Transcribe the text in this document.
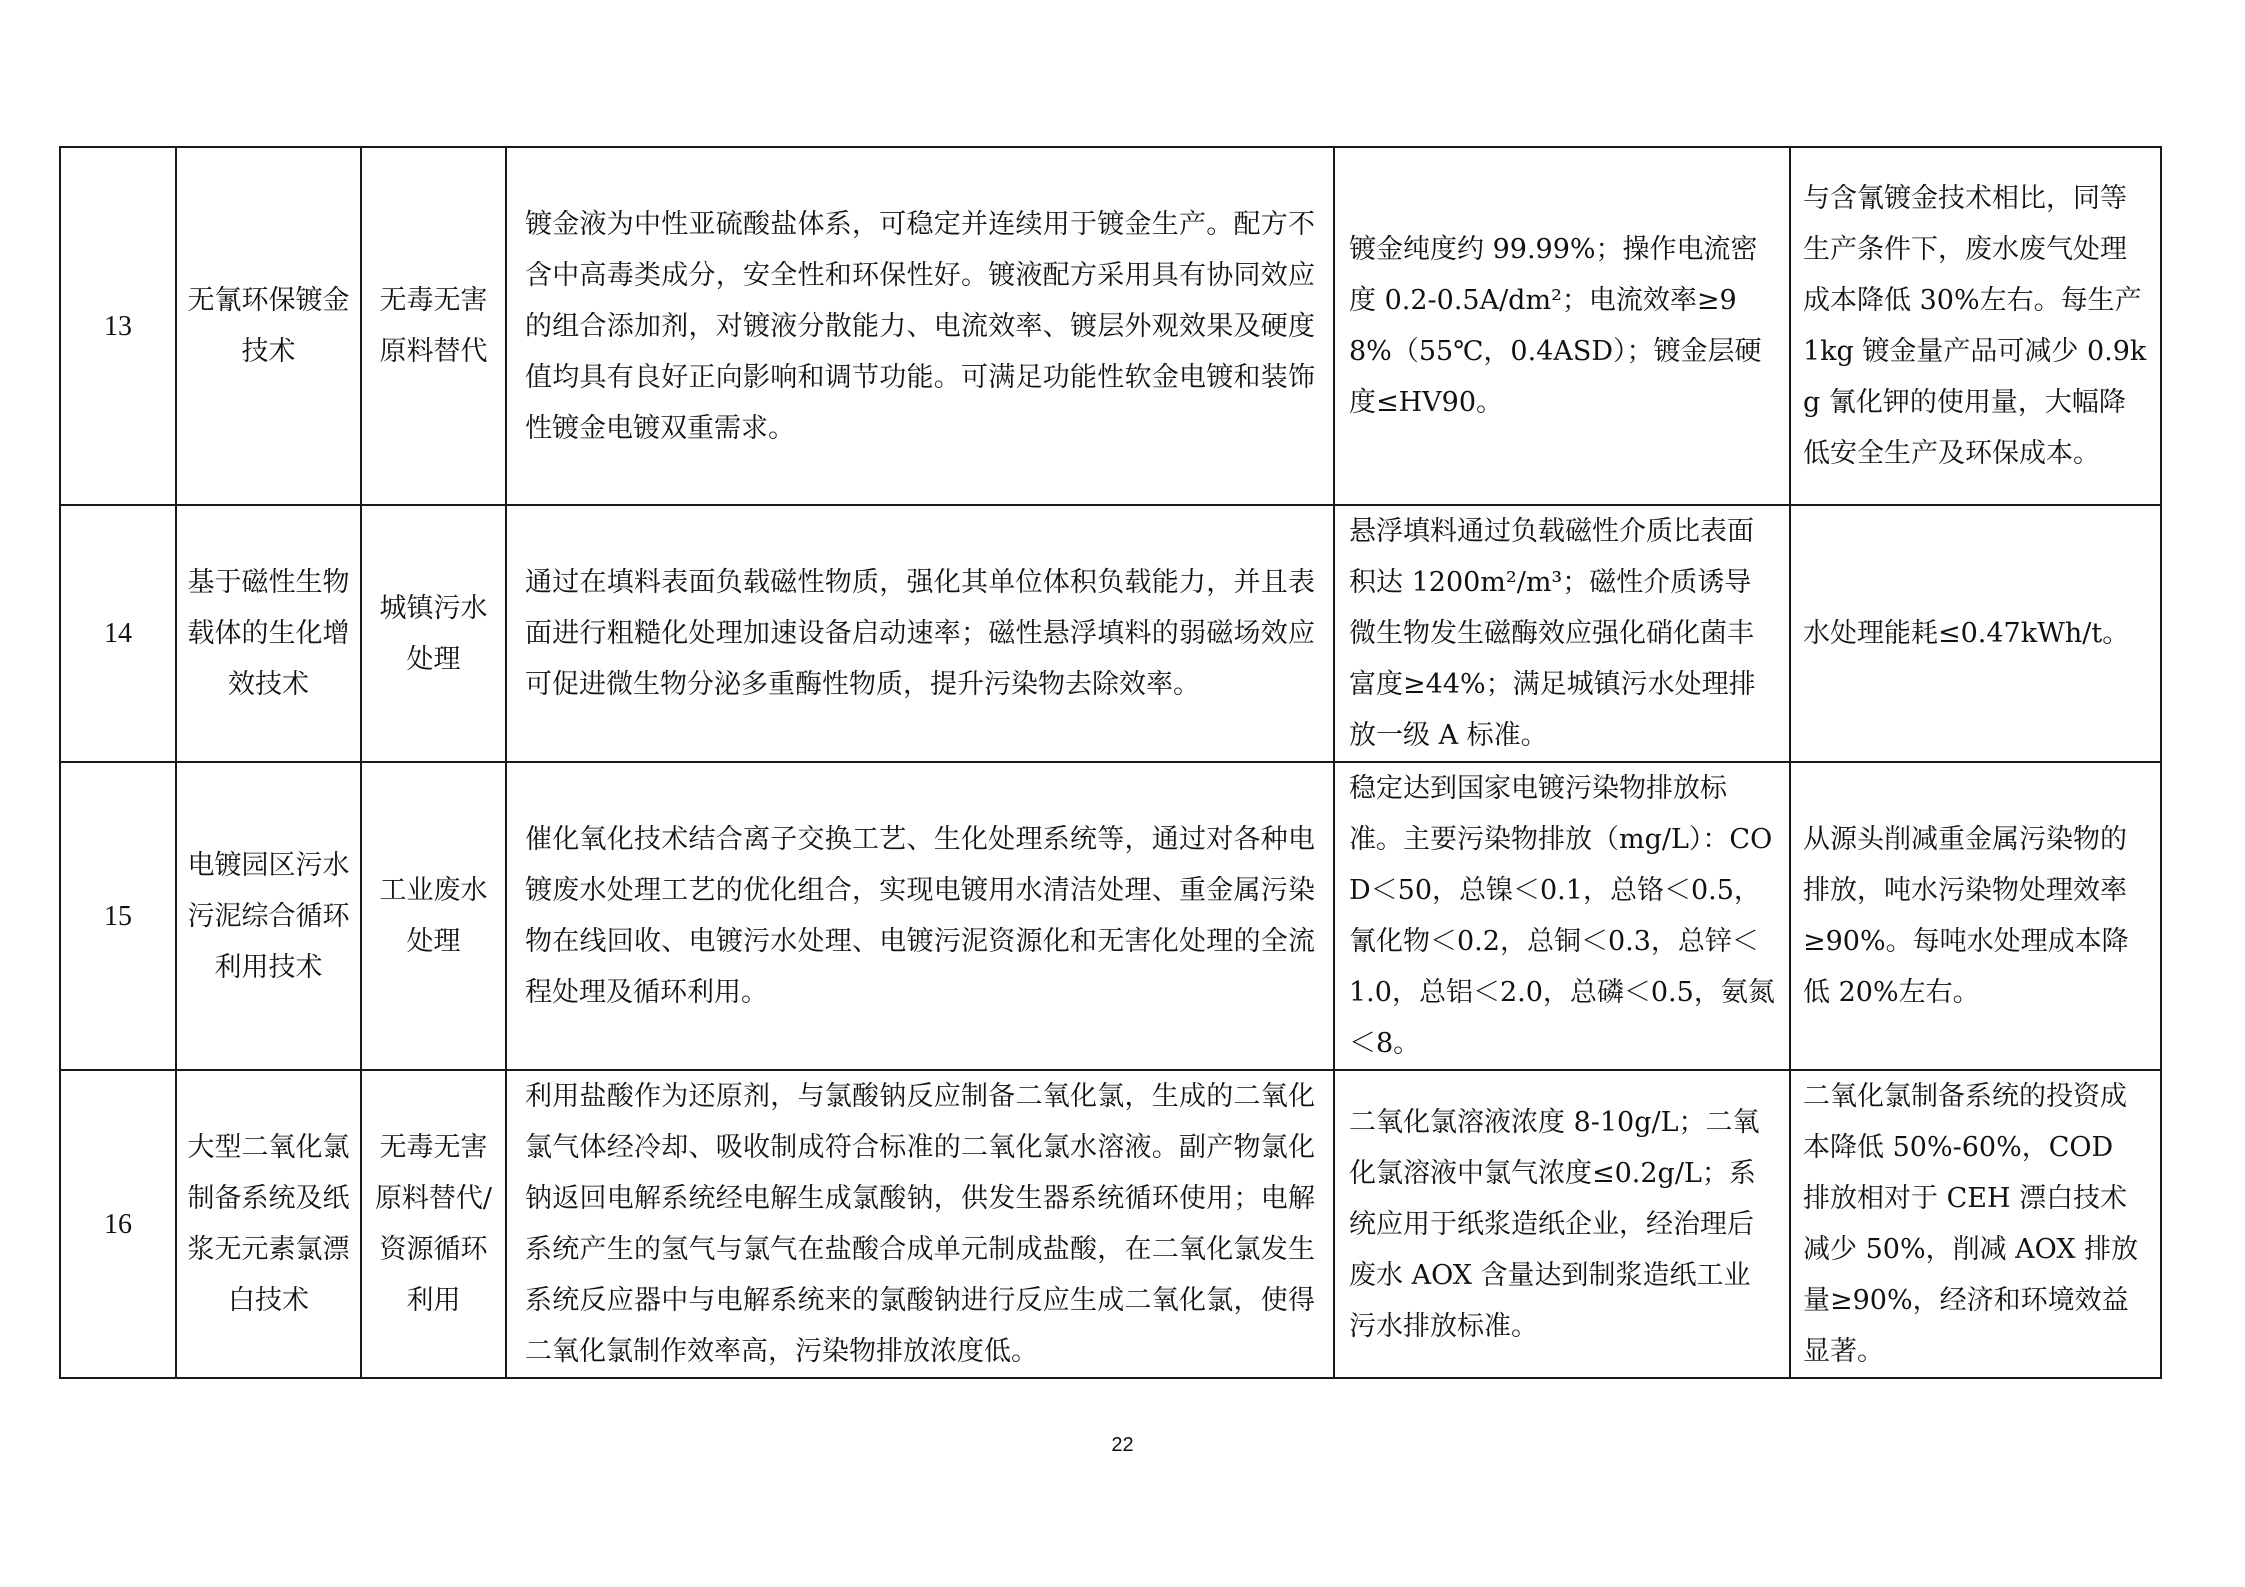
13	无氰环保镀金技术	无毒无害原料替代	镀金液为中性亚硫酸盐体系，可稳定并连续用于镀金生产。配方不含中高毒类成分，安全性和环保性好。镀液配方采用具有协同效应的组合添加剂，对镀液分散能力、电流效率、镀层外观效果及硬度值均具有良好正向影响和调节功能。可满足功能性软金电镀和装饰性镀金电镀双重需求。	镀金纯度约 99.99%；操作电流密度 0.2-0.5A/dm²；电流效率≥98%（55℃，0.4ASD）；镀金层硬度≤HV90。	与含氰镀金技术相比，同等生产条件下，废水废气处理成本降低 30%左右。每生产 1kg 镀金量产品可减少 0.9kg 氰化钾的使用量，大幅降低安全生产及环保成本。
14	基于磁性生物载体的生化增效技术	城镇污水处理	通过在填料表面负载磁性物质，强化其单位体积负载能力，并且表面进行粗糙化处理加速设备启动速率；磁性悬浮填料的弱磁场效应可促进微生物分泌多重酶性物质，提升污染物去除效率。	悬浮填料通过负载磁性介质比表面积达 1200m²/m³；磁性介质诱导微生物发生磁酶效应强化硝化菌丰富度≥44%；满足城镇污水处理排放一级 A 标准。	水处理能耗≤0.47kWh/t。
15	电镀园区污水污泥综合循环利用技术	工业废水处理	催化氧化技术结合离子交换工艺、生化处理系统等，通过对各种电镀废水处理工艺的优化组合，实现电镀用水清洁处理、重金属污染物在线回收、电镀污水处理、电镀污泥资源化和无害化处理的全流程处理及循环利用。	稳定达到国家电镀污染物排放标准。主要污染物排放（mg/L）：COD＜50，总镍＜0.1，总铬＜0.5，氰化物＜0.2，总铜＜0.3，总锌＜1.0，总铝＜2.0，总磷＜0.5，氨氮＜8。	从源头削减重金属污染物的排放，吨水污染物处理效率≥90%。每吨水处理成本降低 20%左右。
16	大型二氧化氯制备系统及纸浆无元素氯漂白技术	无毒无害原料替代/资源循环利用	利用盐酸作为还原剂，与氯酸钠反应制备二氧化氯，生成的二氧化氯气体经冷却、吸收制成符合标准的二氧化氯水溶液。副产物氯化钠返回电解系统经电解生成氯酸钠，供发生器系统循环使用；电解系统产生的氢气与氯气在盐酸合成单元制成盐酸，在二氧化氯发生系统反应器中与电解系统来的氯酸钠进行反应生成二氧化氯，使得二氧化氯制作效率高，污染物排放浓度低。	二氧化氯溶液浓度 8-10g/L；二氧化氯溶液中氯气浓度≤0.2g/L；系统应用于纸浆造纸企业，经治理后废水 AOX 含量达到制浆造纸工业污水排放标准。	二氧化氯制备系统的投资成本降低 50%-60%，COD 排放相对于 CEH 漂白技术减少 50%，削减 AOX 排放量≥90%，经济和环境效益显著。
22
